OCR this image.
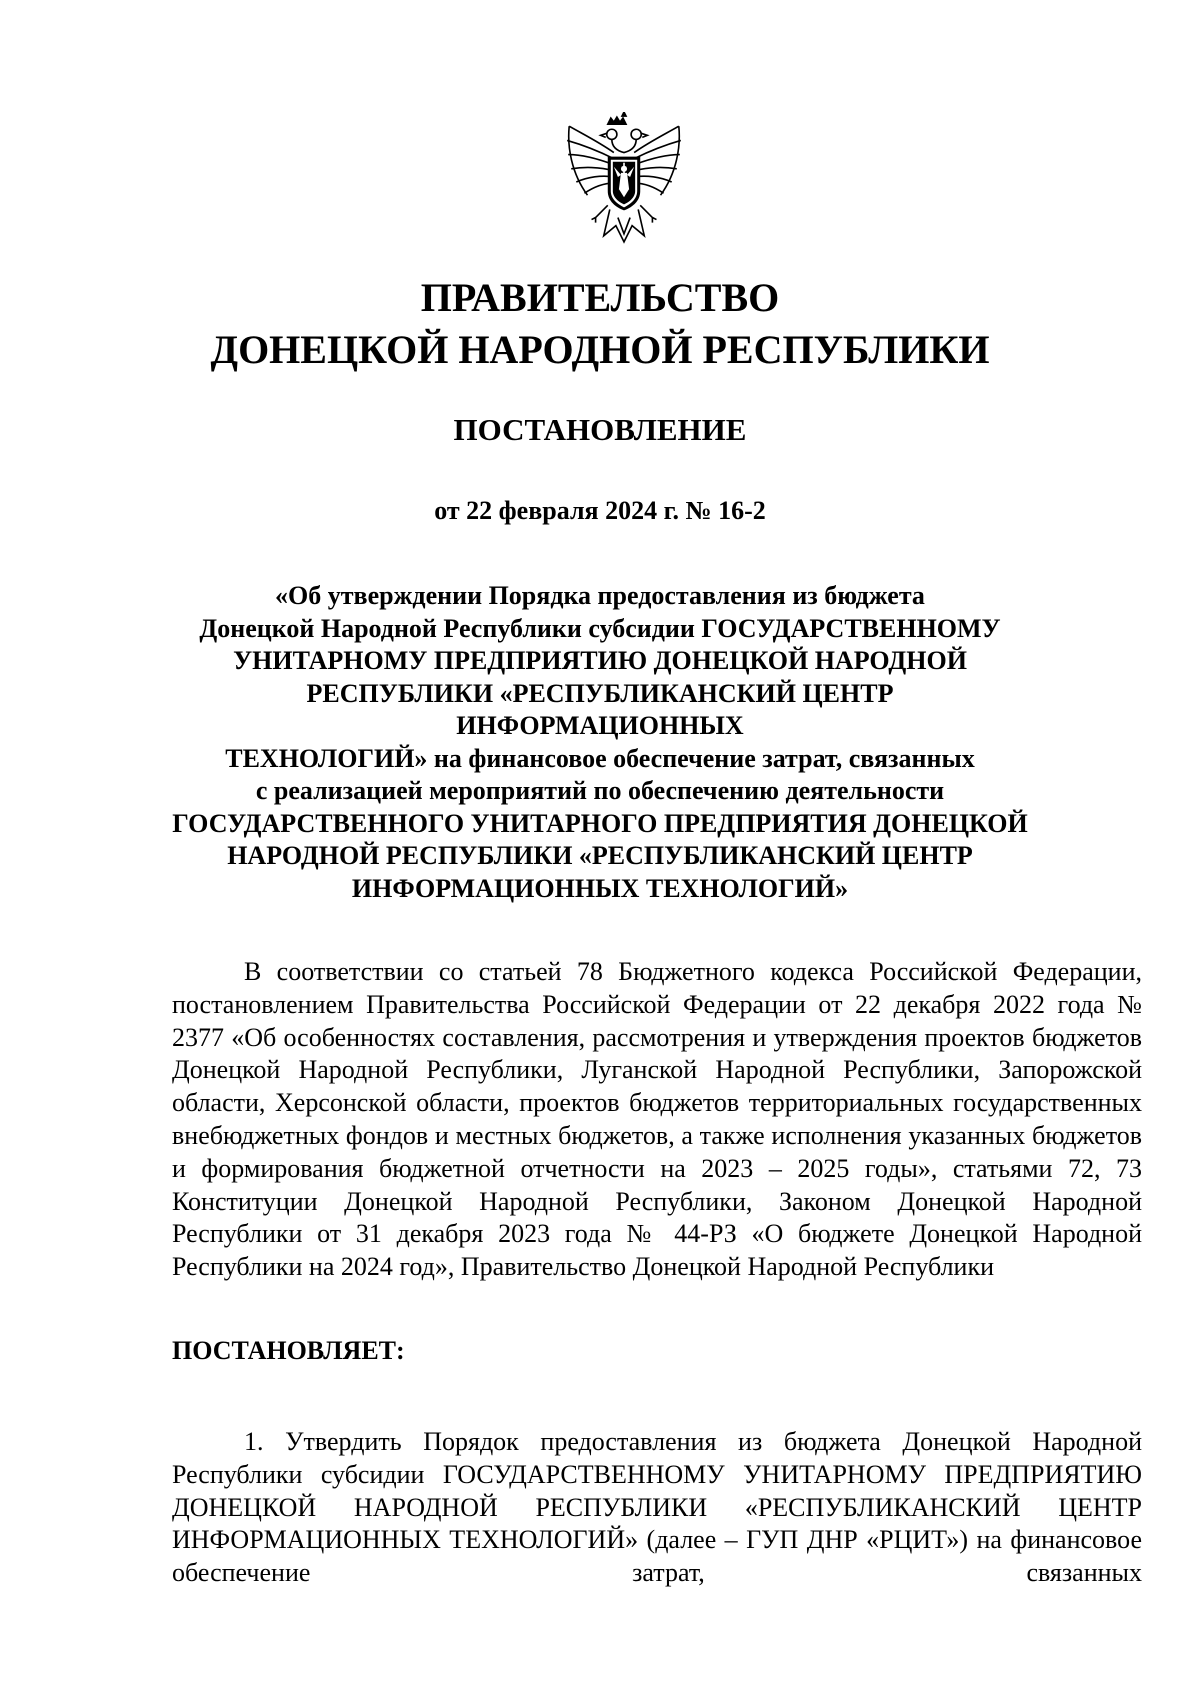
ПРАВИТЕЛЬСТВО
ДОНЕЦКОЙ НАРОДНОЙ РЕСПУБЛИКИ
ПОСТАНОВЛЕНИЕ
от 22 февраля 2024 г. № 16-2
«Об утверждении Порядка предоставления из бюджета
Донецкой Народной Республики субсидии ГОСУДАРСТВЕННОМУ
УНИТАРНОМУ ПРЕДПРИЯТИЮ ДОНЕЦКОЙ НАРОДНОЙ
РЕСПУБЛИКИ «РЕСПУБЛИКАНСКИЙ ЦЕНТР ИНФОРМАЦИОННЫХ
ТЕХНОЛОГИЙ» на финансовое обеспечение затрат, связанных
с реализацией мероприятий по обеспечению деятельности
ГОСУДАРСТВЕННОГО УНИТАРНОГО ПРЕДПРИЯТИЯ ДОНЕЦКОЙ
НАРОДНОЙ РЕСПУБЛИКИ «РЕСПУБЛИКАНСКИЙ ЦЕНТР
ИНФОРМАЦИОННЫХ ТЕХНОЛОГИЙ»

В соответствии со статьей 78 Бюджетного кодекса Российской Федерации, постановлением Правительства Российской Федерации от 22 декабря 2022 года № 2377 «Об особенностях составления, рассмотрения и утверждения проектов бюджетов Донецкой Народной Республики, Луганской Народной Республики, Запорожской области, Херсонской области, проектов бюджетов территориальных государственных внебюджетных фондов и местных бюджетов, а также исполнения указанных бюджетов и формирования бюджетной отчетности на 2023 – 2025 годы», статьями 72, 73 Конституции Донецкой Народной Республики, Законом Донецкой Народной Республики от 31 декабря 2023 года № 44-РЗ «О бюджете Донецкой Народной Республики на 2024 год», Правительство Донецкой Народной Республики

ПОСТАНОВЛЯЕТ:

1. Утвердить Порядок предоставления из бюджета Донецкой Народной Республики субсидии ГОСУДАРСТВЕННОМУ УНИТАРНОМУ ПРЕДПРИЯТИЮ ДОНЕЦКОЙ НАРОДНОЙ РЕСПУБЛИКИ «РЕСПУБЛИКАНСКИЙ ЦЕНТР ИНФОРМАЦИОННЫХ ТЕХНОЛОГИЙ» (далее – ГУП ДНР «РЦИТ») на финансовое обеспечение затрат, связанных
